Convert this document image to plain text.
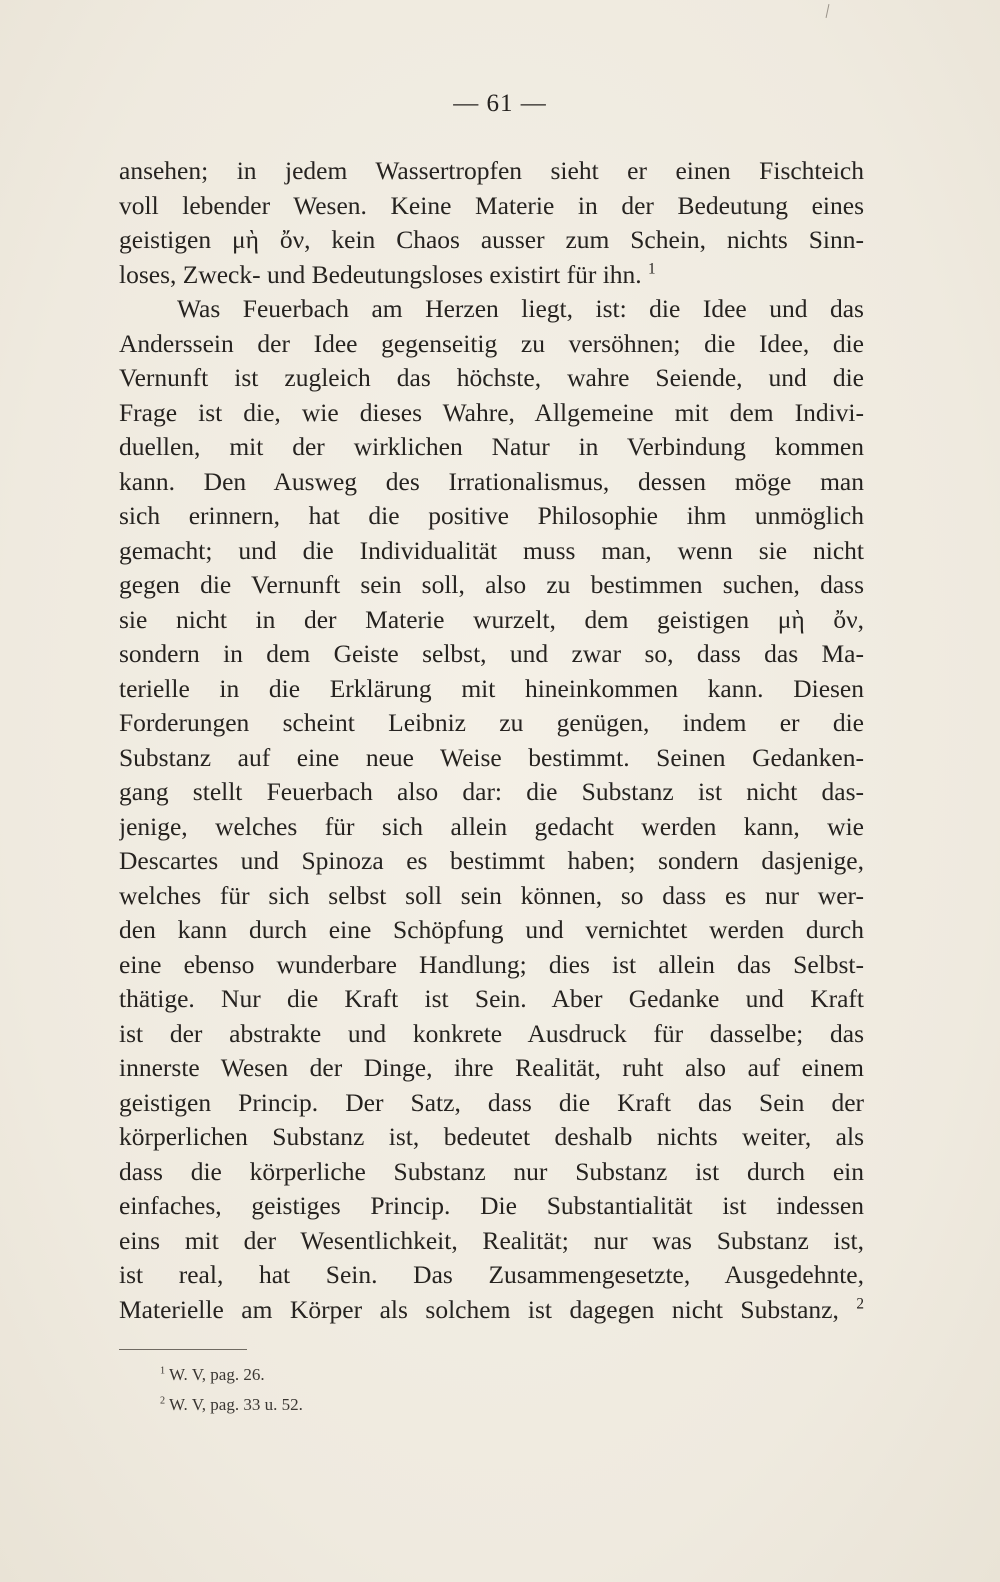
— 61 —
ansehen; in jedem Wassertropfen sieht er einen Fischteich
voll lebender Wesen. Keine Materie in der Bedeutung eines
geistigen μὴ ὄν, kein Chaos ausser zum Schein, nichts Sinn-
loses, Zweck- und Bedeutungsloses existirt für ihn. $^1$
Was Feuerbach am Herzen liegt, ist: die Idee und das
Anderssein der Idee gegenseitig zu versöhnen; die Idee, die
Vernunft ist zugleich das höchste, wahre Seiende, und die
Frage ist die, wie dieses Wahre, Allgemeine mit dem Indivi-
duellen, mit der wirklichen Natur in Verbindung kommen
kann. Den Ausweg des Irrationalismus, dessen möge man
sich erinnern, hat die positive Philosophie ihm unmöglich
gemacht; und die Individualität muss man, wenn sie nicht
gegen die Vernunft sein soll, also zu bestimmen suchen, dass
sie nicht in der Materie wurzelt, dem geistigen μὴ ὄν,
sondern in dem Geiste selbst, und zwar so, dass das Ma-
terielle in die Erklärung mit hineinkommen kann. Diesen
Forderungen scheint Leibniz zu genügen, indem er die
Substanz auf eine neue Weise bestimmt. Seinen Gedanken-
gang stellt Feuerbach also dar: die Substanz ist nicht das-
jenige, welches für sich allein gedacht werden kann, wie
Descartes und Spinoza es bestimmt haben; sondern dasjenige,
welches für sich selbst soll sein können, so dass es nur wer-
den kann durch eine Schöpfung und vernichtet werden durch
eine ebenso wunderbare Handlung; dies ist allein das Selbst-
thätige. Nur die Kraft ist Sein. Aber Gedanke und Kraft
ist der abstrakte und konkrete Ausdruck für dasselbe; das
innerste Wesen der Dinge, ihre Realität, ruht also auf einem
geistigen Princip. Der Satz, dass die Kraft das Sein der
körperlichen Substanz ist, bedeutet deshalb nichts weiter, als
dass die körperliche Substanz nur Substanz ist durch ein
einfaches, geistiges Princip. Die Substantialität ist indessen
eins mit der Wesentlichkeit, Realität; nur was Substanz ist,
ist real, hat Sein. Das Zusammengesetzte, Ausgedehnte,
Materielle am Körper als solchem ist dagegen nicht Substanz, $^2$
$^1$ W. V, pag. 26.
$^2$ W. V, pag. 33 u. 52.
